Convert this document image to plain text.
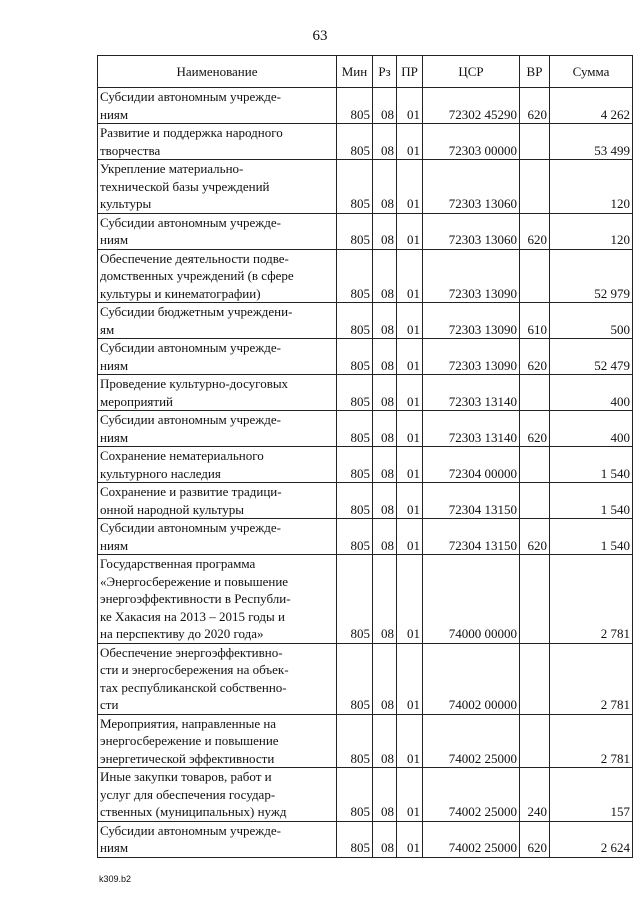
63
Наименование	Мин	Рз	ПР	ЦСР	ВР	Сумма
Субсидии автономным учрежде-
ниям	805	08	01	72302 45290	620	4 262
Развитие и поддержка народного
творчества	805	08	01	72303 00000		53 499
Укрепление материально-
технической базы учреждений
культуры	805	08	01	72303 13060		120
Субсидии автономным учрежде-
ниям	805	08	01	72303 13060	620	120
Обеспечение деятельности подве-
домственных учреждений (в сфере
культуры и кинематографии)	805	08	01	72303 13090		52 979
Субсидии бюджетным учреждени-
ям	805	08	01	72303 13090	610	500
Субсидии автономным учрежде-
ниям	805	08	01	72303 13090	620	52 479
Проведение культурно-досуговых
мероприятий	805	08	01	72303 13140		400
Субсидии автономным учрежде-
ниям	805	08	01	72303 13140	620	400
Сохранение нематериального
культурного наследия	805	08	01	72304 00000		1 540
Сохранение и развитие традици-
онной народной культуры	805	08	01	72304 13150		1 540
Субсидии автономным учрежде-
ниям	805	08	01	72304 13150	620	1 540
Государственная программа
«Энергосбережение и повышение
энергоэффективности в Республи-
ке Хакасия на 2013 – 2015 годы и
на перспективу до 2020 года»	805	08	01	74000 00000		2 781
Обеспечение энергоэффективно-
сти и энергосбережения на объек-
тах республиканской собственно-
сти	805	08	01	74002 00000		2 781
Мероприятия, направленные на
энергосбережение и повышение
энергетической эффективности	805	08	01	74002 25000		2 781
Иные закупки товаров, работ и
услуг для обеспечения государ-
ственных (муниципальных) нужд	805	08	01	74002 25000	240	157
Субсидии автономным учрежде-
ниям	805	08	01	74002 25000	620	2 624
k309.b2
